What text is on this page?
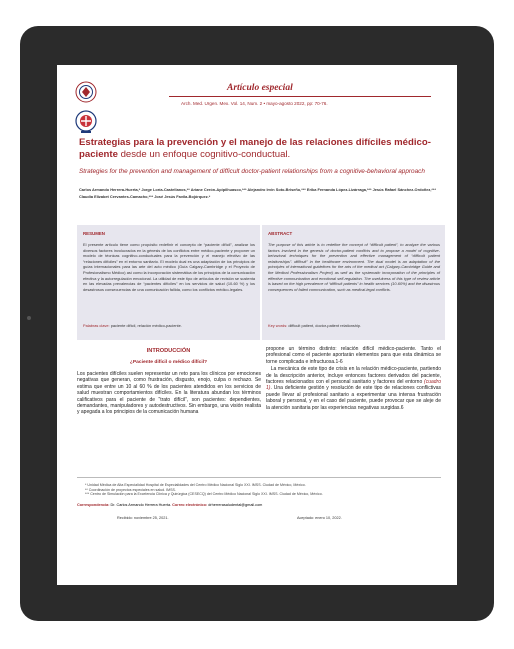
Artículo especial
Arch. Med. Urgen. Mex. Vol. 14, Num. 2 • mayo-agosto 2022, pp: 70-76.
Estrategias para la prevención y el manejo de las relaciones difíciles médico-paciente desde un enfoque cognitivo-conductual.
Strategies for the prevention and management of difficult doctor-patient relationships from a cognitive-behavioral approach
Carlos Armando Herrera-Huerta,* Jorge Loría-Castellanos,** Ariane Cerón-Apipilhuasco,*** Alejandro Irvin Soto-Briseño,*** Erika Fernanda López-Lizárraga,*** Jesús Rafael Sánchez-Ordoñez,*** Claudia Elizabet Cervantes-Camacho,*** José Jesús Favila-Bojórquez.*
RESUMEN
El presente artículo tiene como propósito redefinir el concepto de “paciente difícil”, analizar los diversos factores involucrados en la génesis de los conflictos entre médico-paciente y proponer un modelo de técnicas cognitivo-conductuales para la prevención y el manejo efectivo de las “relaciones difíciles” en el entorno sanitario. El modelo dual es una adaptación de los principios de guías internacionales para las arte del acto médico (Guía Calgary-Cambridge y el Proyecto de Profesionalismo Médico) así como la incorporación sistemática de los principios de la comunicación efectiva y la autorregulación emocional. La utilidad de este tipo de artículos de revisión se sustenta en las elevadas prevalencias de “pacientes difíciles” en los servicios de salud (10-60 %) y los desastrosos consecuencias de una comunicación fallida, como los conflictos médico-legales.
Palabras clave: paciente difícil, relación médico-paciente.
ABSTRACT
The purpose of this article is to redefine the concept of “difficult patient”, to analyze the various factors involved in the genesis of doctor-patient conflicts and to propose a model of cognitive-behavioral techniques for the prevention and effective management of “difficult patient relationships”. difficult” in the healthcare environment. The dual model is an adaptation of the principles of international guidelines for the arts of the medical act (Calgary-Cambridge Guide and the Medical Professionalism Project) as well as the systematic incorporation of the principles of effective communication and emotional self-regulation. The usefulness of this type of review article is based on the high prevalence of “difficult patients” in health services (10-60%) and the disastrous consequences of failed communication, such as medical-legal conflicts.
Key words: difficult patient, doctor-patient relationship.
INTRODUCCIÓN
¿Paciente difícil o médico difícil?
Los pacientes difíciles suelen representar un reto para los clínicos por emociones negativas que generan, como frustración, disgusto, enojo, culpa o rechazo. Se estima que entre un 10 al 60 % de los pacientes atendidos en los servicios de salud muestran comportamientos difíciles. En la literatura abundan los términos calificativos para el paciente de “trato difícil”, son pacientes: dependientes, demandantes, manipuladores y autodestructivos. Sin embargo, una visión realista y apegada a los principios de la comunicación humana
propone un término distinto: relación difícil médico-paciente. Tanto el profesional como el paciente aportarán elementos para que esta dinámica se torne complicada e infructuosa.1-6
La mecánica de este tipo de crisis en la relación médico-paciente, partiendo de la descripción anterior, incluye entonces factores derivados del paciente, factores relacionados con el personal sanitario y factores del entorno (cuadro 1). Una deficiente gestión y resolución de este tipo de relaciones conflictivas puede llevar al profesional sanitario a experimentar una intensa frustración laboral y personal, y en el caso del paciente, puede provocar que se aleje de la atención sanitaria por las experiencias negativas surgidas.6
* Unidad Médica de Alta Especialidad Hospital de Especialidades del Centro Médico Nacional Siglo XXI. IMSS. Ciudad de México, México.
** Coordinación de proyectos especiales en salud. IMSS.
*** Centro de Simulación para la Excelencia Clínica y Quirúrgica (CESECQ) del Centro Médico Nacional Siglo XXI. IMSS. Ciudad de México, México.
Correspondencia: Dr. Carlos Armando Herrera Huerta. Correo electrónico: drherrerasaludental@gmail.com
Recibido: noviembre 25, 2021.	Aceptado: enero 10, 2022.
